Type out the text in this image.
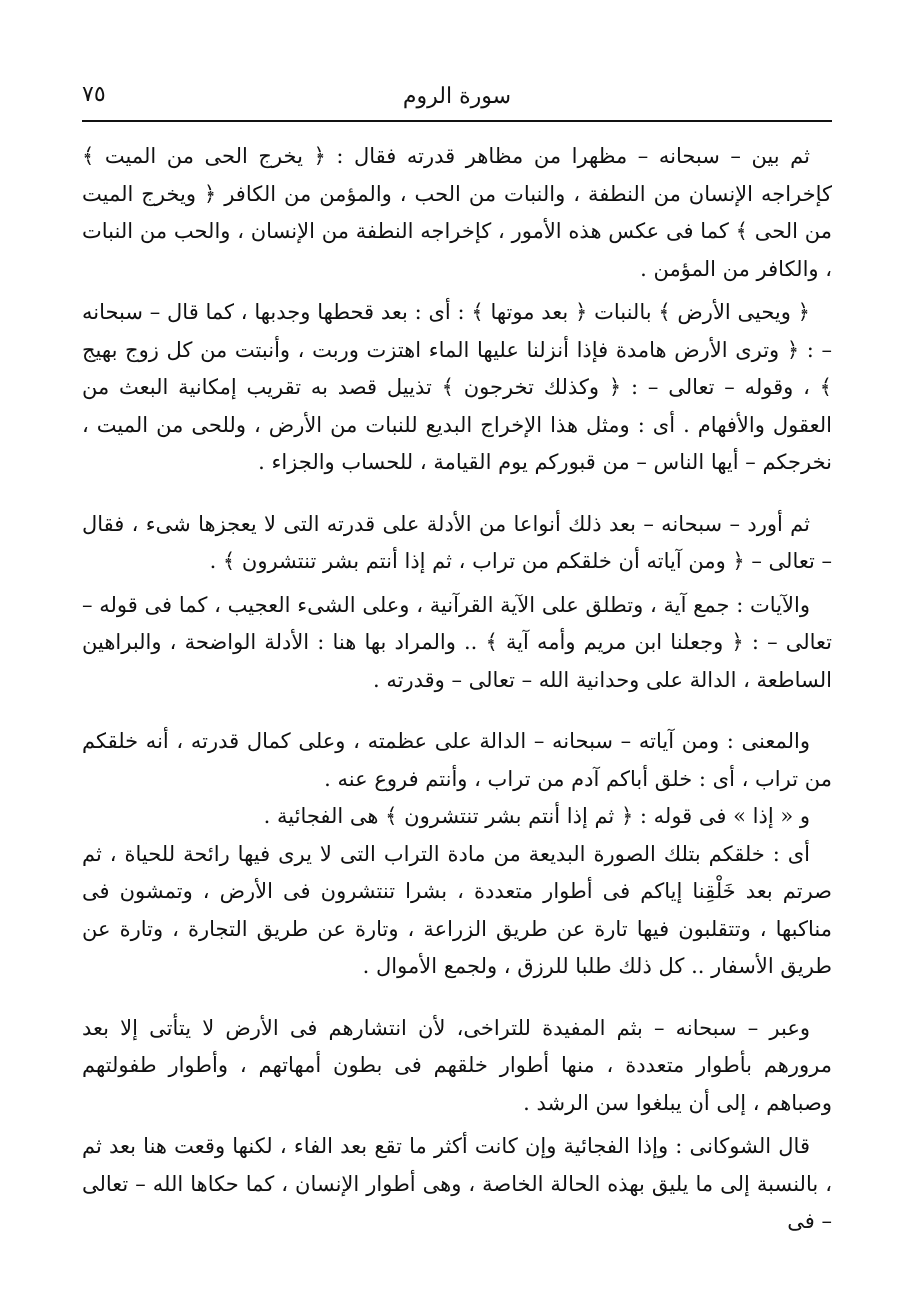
سورة الروم
٧٥

ثم بين – سبحانه – مظهرا من مظاهر قدرته فقال : ﴿ يخرج الحى من الميت ﴾ كإخراجه الإنسان من النطفة ، والنبات من الحب ، والمؤمن من الكافر ﴿ ويخرج الميت من الحى ﴾ كما فى عكس هذه الأمور ، كإخراجه النطفة من الإنسان ، والحب من النبات ، والكافر من المؤمن .

﴿ ويحيى الأرض ﴾ بالنبات ﴿ بعد موتها ﴾ : أى : بعد قحطها وجدبها ، كما قال – سبحانه – : ﴿ وترى الأرض هامدة فإذا أنزلنا عليها الماء اهتزت وربت ، وأنبتت من كل زوج بهيج ﴾ ، وقوله – تعالى – : ﴿ وكذلك تخرجون ﴾ تذييل قصد به تقريب إمكانية البعث من العقول والأفهام . أى : ومثل هذا الإخراج البديع للنبات من الأرض ، وللحى من الميت ، نخرجكم – أيها الناس – من قبوركم يوم القيامة ، للحساب والجزاء .

ثم أورد – سبحانه – بعد ذلك أنواعا من الأدلة على قدرته التى لا يعجزها شىء ، فقال – تعالى – ﴿ ومن آياته أن خلقكم من تراب ، ثم إذا أنتم بشر تنتشرون ﴾ .

والآيات : جمع آية ، وتطلق على الآية القرآنية ، وعلى الشىء العجيب ، كما فى قوله – تعالى – : ﴿ وجعلنا ابن مريم وأمه آية ﴾ .. والمراد بها هنا : الأدلة الواضحة ، والبراهين الساطعة ، الدالة على وحدانية الله – تعالى – وقدرته .

والمعنى : ومن آياته – سبحانه – الدالة على عظمته ، وعلى كمال قدرته ، أنه خلقكم من تراب ، أى : خلق أباكم آدم من تراب ، وأنتم فروع عنه .

و « إذا » فى قوله : ﴿ ثم إذا أنتم بشر تنتشرون ﴾ هى الفجائية .

أى : خلقكم بتلك الصورة البديعة من مادة التراب التى لا يرى فيها رائحة للحياة ، ثم صرتم بعد خَلْقِنا إياكم فى أطوار متعددة ، بشرا تنتشرون فى الأرض ، وتمشون فى مناكبها ، وتتقلبون فيها تارة عن طريق الزراعة ، وتارة عن طريق التجارة ، وتارة عن طريق الأسفار .. كل ذلك طلبا للرزق ، ولجمع الأموال .

وعبر – سبحانه – بثم المفيدة للتراخى، لأن انتشارهم فى الأرض لا يتأتى إلا بعد مرورهم بأطوار متعددة ، منها أطوار خلقهم فى بطون أمهاتهم ، وأطوار طفولتهم وصباهم ، إلى أن يبلغوا سن الرشد .

قال الشوكانى : وإذا الفجائية وإن كانت أكثر ما تقع بعد الفاء ، لكنها وقعت هنا بعد ثم ، بالنسبة إلى ما يليق بهذه الحالة الخاصة ، وهى أطوار الإنسان ، كما حكاها الله – تعالى – فى
